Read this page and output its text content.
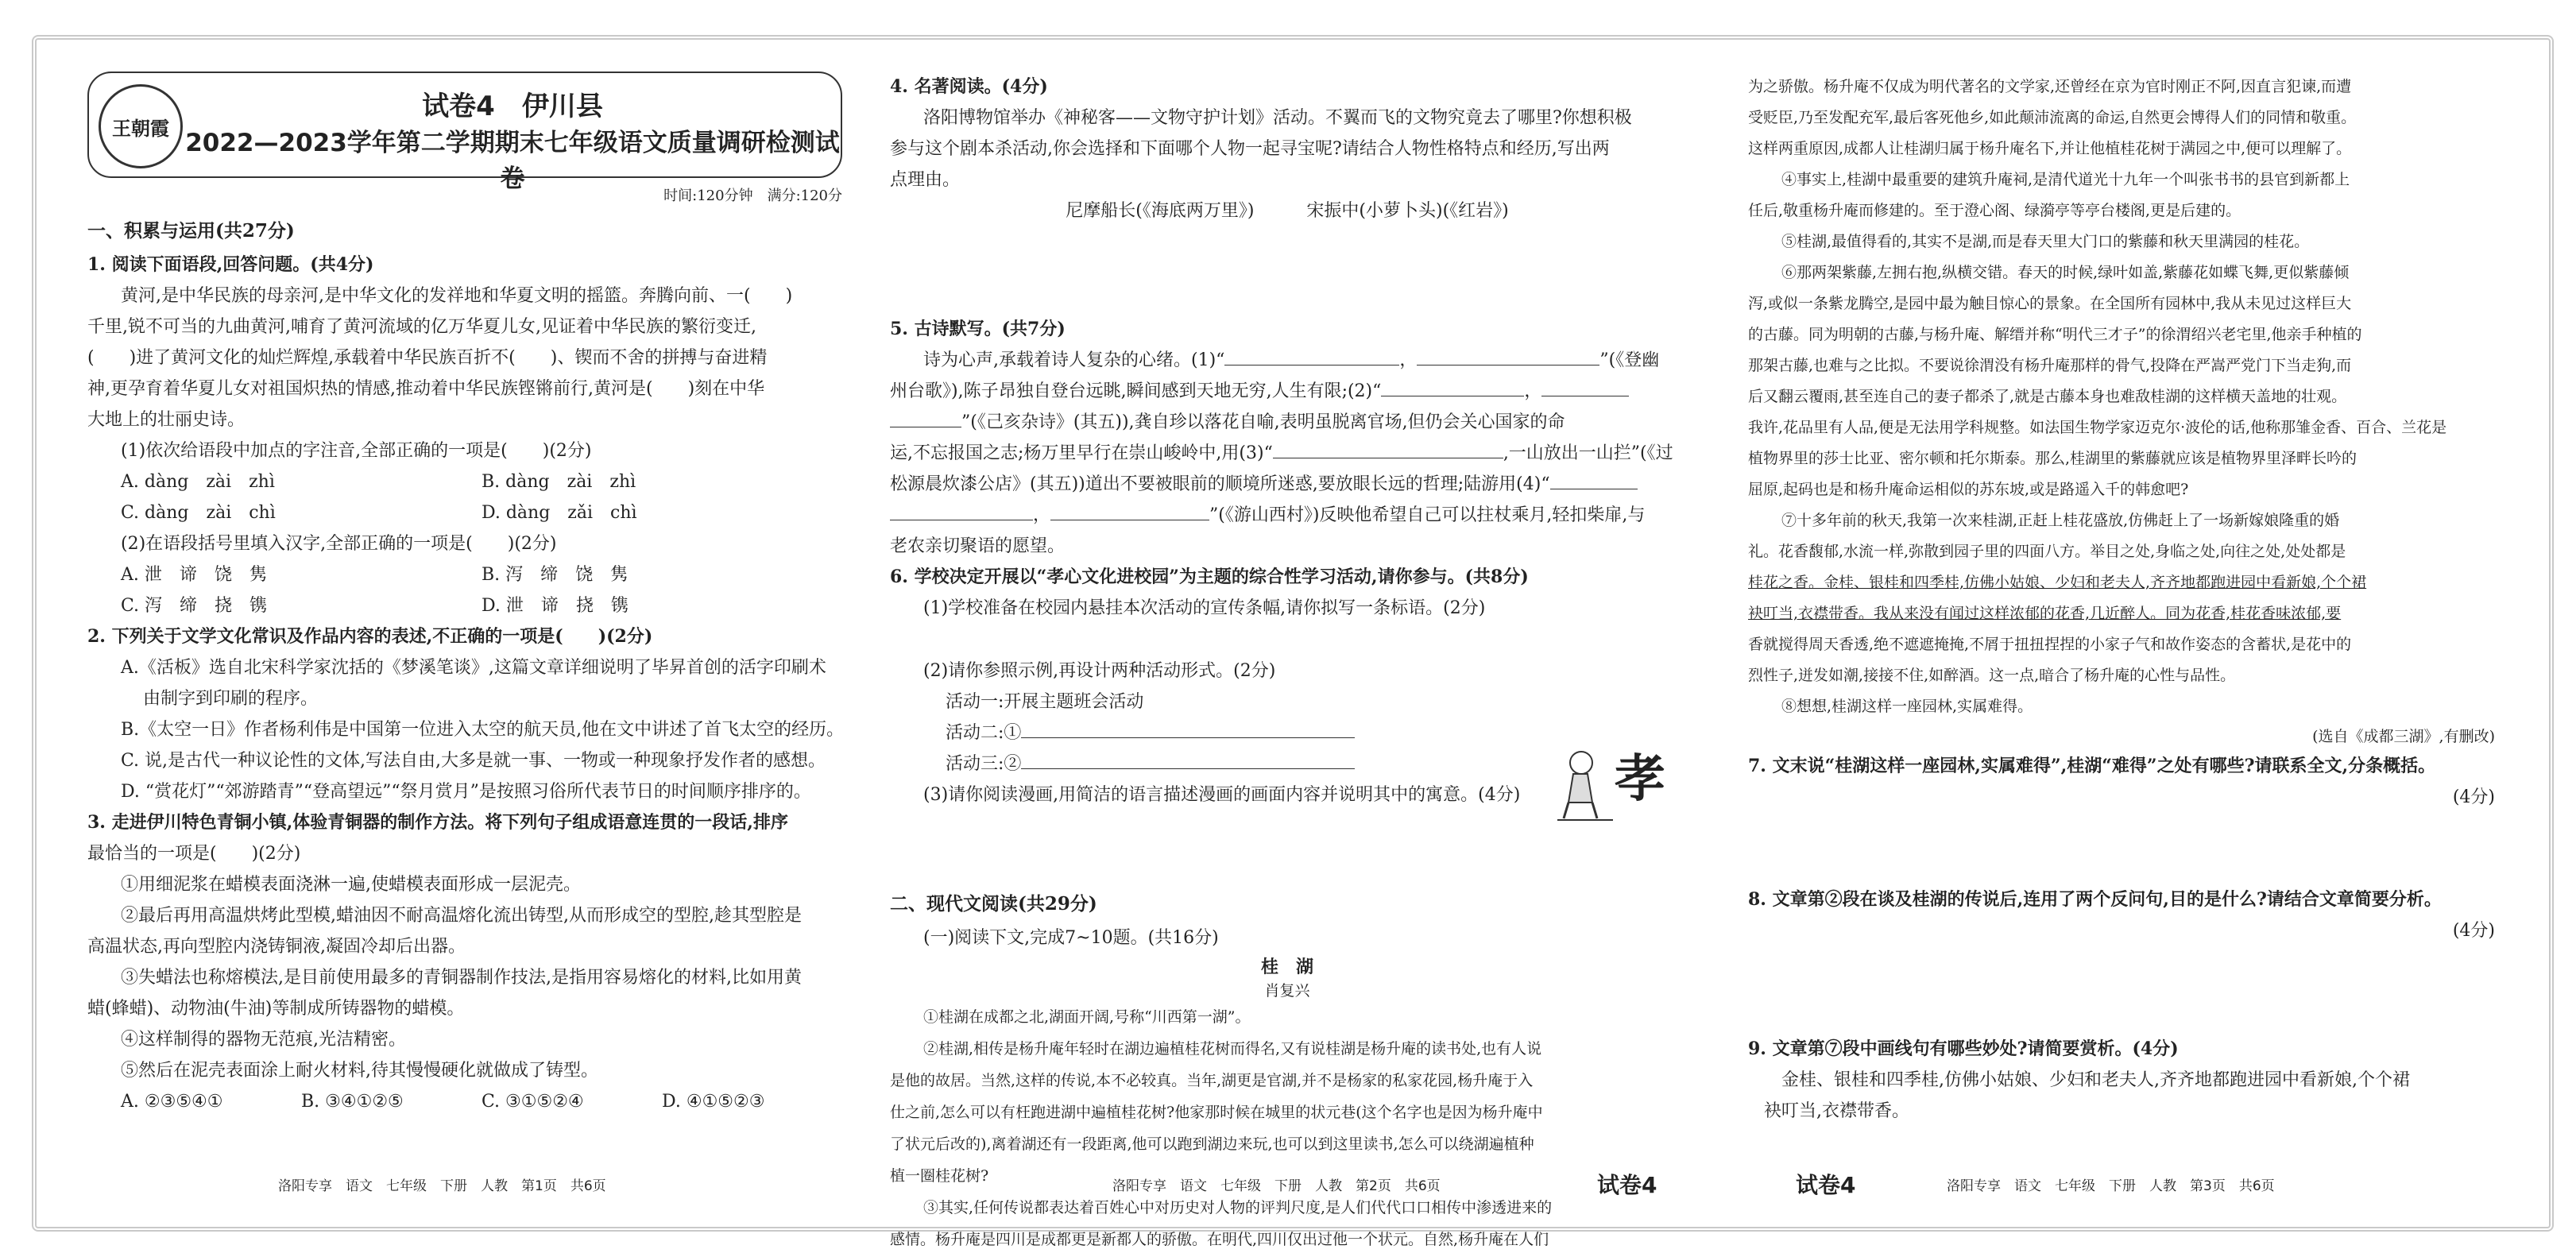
王朝霞
试卷4　伊川县
2022—2023学年第二学期期末七年级语文质量调研检测试卷
时间:120分钟　满分:120分

一、积累与运用(共27分)

1. 阅读下面语段,回答问题。(共4分)

黄河,是中华民族的母亲河,是中华文化的发祥地和华夏文明的摇篮。奔腾向前、一(　　)

千里,锐不可当的九曲黄河,哺育了黄河流域的亿万华夏儿女,见证着中华民族的繁衍变迁,

(　　)进了黄河文化的灿烂辉煌,承载着中华民族百折不(　　)、锲而不舍的拼搏与奋进精

神,更孕育着华夏儿女对祖国炽热的情感,推动着中华民族铿锵前行,黄河是(　　)刻在中华

大地上的壮丽史诗。

(1)依次给语段中加点的字注音,全部正确的一项是(　　)(2分)

A. dàng　zài　zhì	B. dàng　zài　zhì
C. dàng　zài　chì	D. dàng　zǎi　chì

(2)在语段括号里填入汉字,全部正确的一项是(　　)(2分)

A. 泄　谛　饶　隽	B. 泻　缔　饶　隽
C. 泻　缔　挠　镌	D. 泄　谛　挠　镌

2. 下列关于文学文化常识及作品内容的表述,不正确的一项是(　　)(2分)

A.《活板》选自北宋科学家沈括的《梦溪笔谈》,这篇文章详细说明了毕昇首创的活字印刷术

由制字到印刷的程序。

B.《太空一日》作者杨利伟是中国第一位进入太空的航天员,他在文中讲述了首飞太空的经历。

C. 说,是古代一种议论性的文体,写法自由,大多是就一事、一物或一种现象抒发作者的感想。

D. “赏花灯”“郊游踏青”“登高望远”“祭月赏月”是按照习俗所代表节日的时间顺序排序的。

3. 走进伊川特色青铜小镇,体验青铜器的制作方法。将下列句子组成语意连贯的一段话,排序

最恰当的一项是(　　)(2分)

①用细泥浆在蜡模表面浇淋一遍,使蜡模表面形成一层泥壳。

②最后再用高温烘烤此型模,蜡油因不耐高温熔化流出铸型,从而形成空的型腔,趁其型腔是

高温状态,再向型腔内浇铸铜液,凝固冷却后出器。

③失蜡法也称熔模法,是目前使用最多的青铜器制作技法,是指用容易熔化的材料,比如用黄

蜡(蜂蜡)、动物油(牛油)等制成所铸器物的蜡模。

④这样制得的器物无范痕,光洁精密。

⑤然后在泥壳表面涂上耐火材料,待其慢慢硬化就做成了铸型。

A. ②③⑤④①	B. ③④①②⑤	C. ③①⑤②④	D. ④①⑤②③

4. 名著阅读。(4分)

洛阳博物馆举办《神秘客——文物守护计划》活动。不翼而飞的文物究竟去了哪里?你想积极

参与这个剧本杀活动,你会选择和下面哪个人物一起寻宝呢?请结合人物性格特点和经历,写出两

点理由。

尼摩船长(《海底两万里》)　　　宋振中(小萝卜头)(《红岩》)

5. 古诗默写。(共7分)

诗为心声,承载着诗人复杂的心绪。(1)“	，	”(《登幽

州台歌》),陈子昂独自登台远眺,瞬间感到天地无穷,人生有限;(2)“	，

”(《己亥杂诗》(其五)),龚自珍以落花自喻,表明虽脱离官场,但仍会关心国家的命

运,不忘报国之志;杨万里早行在崇山峻岭中,用(3)“	,一山放出一山拦”(《过

松源晨炊漆公店》(其五))道出不要被眼前的顺境所迷惑,要放眼长远的哲理;陆游用(4)“

，	”(《游山西村》)反映他希望自己可以拄杖乘月,轻扣柴扉,与

老农亲切聚语的愿望。

6. 学校决定开展以“孝心文化进校园”为主题的综合性学习活动,请你参与。(共8分)

(1)学校准备在校园内悬挂本次活动的宣传条幅,请你拟写一条标语。(2分)

(2)请你参照示例,再设计两种活动形式。(2分)

活动一:开展主题班会活动

活动二:①

活动三:②

(3)请你阅读漫画,用简洁的语言描述漫画的画面内容并说明其中的寓意。(4分)

二、现代文阅读(共29分)

(一)阅读下文,完成7~10题。(共16分)

桂　湖

肖复兴

①桂湖在成都之北,湖面开阔,号称“川西第一湖”。

②桂湖,相传是杨升庵年轻时在湖边遍植桂花树而得名,又有说桂湖是杨升庵的读书处,也有人说

是他的故居。当然,这样的传说,本不必较真。当年,湖更是官湖,并不是杨家的私家花园,杨升庵于入

仕之前,怎么可以有枉跑进湖中遍植桂花树?他家那时候在城里的状元巷(这个名字也是因为杨升庵中

了状元后改的),离着湖还有一段距离,他可以跑到湖边来玩,也可以到这里读书,怎么可以绕湖遍植种

植一圈桂花树?

③其实,任何传说都表达着百姓心中对历史对人物的评判尺度,是人们代代口口相传中渗透进来的

感情。杨升庵是四川是成都更是新都人的骄傲。在明代,四川仅出过他一个状元。自然,杨升庵在人们

孝

为之骄傲。杨升庵不仅成为明代著名的文学家,还曾经在京为官时刚正不阿,因直言犯谏,而遭

受贬臣,乃至发配充军,最后客死他乡,如此颠沛流离的命运,自然更会博得人们的同情和敬重。

这样两重原因,成都人让桂湖归属于杨升庵名下,并让他植桂花树于满园之中,便可以理解了。

④事实上,桂湖中最重要的建筑升庵祠,是清代道光十九年一个叫张书书的县官到新都上

任后,敬重杨升庵而修建的。至于澄心阁、绿漪亭等亭台楼阁,更是后建的。

⑤桂湖,最值得看的,其实不是湖,而是春天里大门口的紫藤和秋天里满园的桂花。

⑥那两架紫藤,左拥右抱,纵横交错。春天的时候,绿叶如盖,紫藤花如蝶飞舞,更似紫藤倾

泻,或似一条紫龙腾空,是园中最为触目惊心的景象。在全国所有园林中,我从未见过这样巨大

的古藤。同为明朝的古藤,与杨升庵、解缙并称“明代三才子”的徐渭绍兴老宅里,他亲手种植的

那架古藤,也难与之比拟。不要说徐渭没有杨升庵那样的骨气,投降在严嵩严党门下当走狗,而

后又翻云覆雨,甚至连自己的妻子都杀了,就是古藤本身也难敌桂湖的这样横天盖地的壮观。

我许,花品里有人品,便是无法用学科规整。如法国生物学家迈克尔·波伦的话,他称那雏金香、百合、兰花是

植物界里的莎士比亚、密尔顿和托尔斯泰。那么,桂湖里的紫藤就应该是植物界里泽畔长吟的

屈原,起码也是和杨升庵命运相似的苏东坡,或是路遥入千的韩愈吧?

⑦十多年前的秋天,我第一次来桂湖,正赶上桂花盛放,仿佛赶上了一场新嫁娘隆重的婚

礼。花香馥郁,水流一样,弥散到园子里的四面八方。举目之处,身临之处,向往之处,处处都是

桂花之香。金桂、银桂和四季桂,仿佛小姑娘、少妇和老夫人,齐齐地都跑进园中看新娘,个个裙

袂叮当,衣襟带香。我从来没有闻过这样浓郁的花香,几近醉人。同为花香,桂花香味浓郁,要

香就搅得周天香透,绝不遮遮掩掩,不屑于扭扭捏捏的小家子气和故作姿态的含蓄状,是花中的

烈性子,迸发如潮,接接不住,如醉酒。这一点,暗合了杨升庵的心性与品性。

⑧想想,桂湖这样一座园林,实属难得。

(选自《成都三湖》,有删改)

7. 文末说“桂湖这样一座园林,实属难得”,桂湖“难得”之处有哪些?请联系全文,分条概括。

(4分)

8. 文章第②段在谈及桂湖的传说后,连用了两个反问句,目的是什么?请结合文章简要分析。

(4分)

9. 文章第⑦段中画线句有哪些妙处?请简要赏析。(4分)

金桂、银桂和四季桂,仿佛小姑娘、少妇和老夫人,齐齐地都跑进园中看新娘,个个裙

袂叮当,衣襟带香。

洛阳专享　语文　七年级　下册　人教　第1页　共6页	洛阳专享　语文　七年级　下册　人教　第2页　共6页	试卷4	试卷4	洛阳专享　语文　七年级　下册　人教　第3页　共6页
